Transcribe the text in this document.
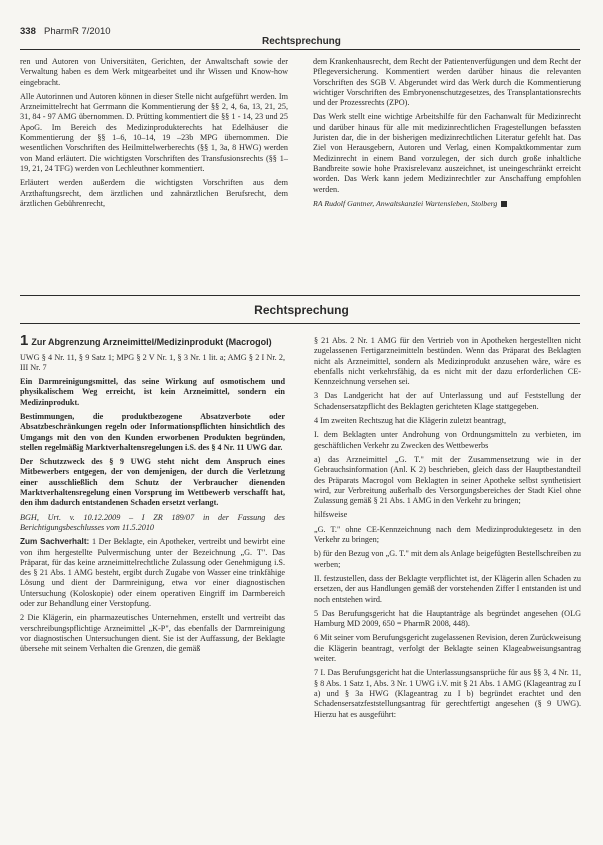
338 PharmR 7/2010
Rechtsprechung

ren und Autoren von Universitäten, Gerichten, der Anwaltschaft sowie der Verwaltung haben es dem Werk mitgearbeitet und ihr Wissen und Know-how eingebracht.

Alle Autorinnen und Autoren können in dieser Stelle nicht aufgeführt werden. Im Arzneimittelrecht hat Gerrmann die Kommentierung der §§ 2, 4, 6a, 13, 21, 25, 31, 84 - 97 AMG übernommen. D. Prütting kommentiert die §§ 1 - 14, 23 und 25 ApoG. Im Bereich des Medizinprodukterechts hat Edelhäuser die Kommentierung der §§ 1–6, 10–14, 19 –23b MPG übernommen. Die wesentlichen Vorschriften des Heilmittelwerberechts (§§ 1, 3a, 8 HWG) werden von Mand erläutert. Die wichtigsten Vorschriften des Transfusionsrechts (§§ 1–19, 21, 24 TFG) werden von Lechleuthner kommentiert.

Erläutert werden außerdem die wichtigsten Vorschriften aus dem Arzthaftungsrecht, dem ärztlichen und zahnärztlichen Berufsrecht, dem ärztlichen Gebührenrecht,

dem Krankenhausrecht, dem Recht der Patientenverfügungen und dem Recht der Pflegeversicherung. Kommentiert werden darüber hinaus die relevanten Vorschriften des SGB V. Abgerundet wird das Werk durch die Kommentierung wichtiger Vorschriften des Embryonenschutzgesetzes, des Transplantationsrechts und der Prozessrechts (ZPO).

Das Werk stellt eine wichtige Arbeitshilfe für den Fachanwalt für Medizinrecht und darüber hinaus für alle mit medizinrechtlichen Fragestellungen befassten Juristen dar, die in der bisherigen medizinrechtlichen Literatur gefehlt hat. Das Ziel von Herausgebern, Autoren und Verlag, einen Kompaktkommentar zum Medizinrecht in einem Band vorzulegen, der sich durch große inhaltliche Bandbreite sowie hohe Praxisrelevanz auszeichnet, ist uneingeschränkt erreicht worden. Das Werk kann jedem Medizinrechtler zur Anschaffung empfohlen werden.

RA Rudolf Gantner, Anwaltskanzlei Wartensleben, Stolberg

Rechtsprechung
1 Zur Abgrenzung Arzneimittel/Medizinprodukt (Macrogol)

UWG § 4 Nr. 11, § 9 Satz 1; MPG § 2 V Nr. 1, § 3 Nr. 1 lit. a; AMG § 2 I Nr. 2, III Nr. 7

Ein Darmreinigungsmittel, das seine Wirkung auf osmotischem und physikalischem Weg erreicht, ist kein Arzneimittel, sondern ein Medizinprodukt.

Bestimmungen, die produktbezogene Absatzverbote oder Absatzbeschränkungen regeln oder Informationspflichten hinsichtlich des Umgangs mit den von den Kunden erworbenen Produkten begründen, stellen regelmäßig Marktverhaltensregelungen i.S. des § 4 Nr. 11 UWG dar.

Der Schutzzweck des § 9 UWG steht nicht dem Anspruch eines Mitbewerbers entgegen, der von demjenigen, der durch die Verletzung einer ausschließlich dem Schutz der Verbraucher dienenden Marktverhaltensregelung einen Vorsprung im Wettbewerb verschafft hat, den ihm dadurch entstandenen Schaden ersetzt verlangt.

BGH, Urt. v. 10.12.2009 – I ZR 189/07 in der Fassung des Berichtigungsbeschlusses vom 11.5.2010

Zum Sachverhalt: 1 Der Beklagte, ein Apotheker, vertreibt und bewirbt eine von ihm hergestellte Pulvermischung unter der Bezeichnung „G. T". Das Präparat, für das keine arzneimittelrechtliche Zulassung oder Genehmigung i.S. des § 21 Abs. 1 AMG besteht, ergibt durch Zugabe von Wasser eine trinkfähige Lösung und dient der Darmreinigung, etwa vor einer diagnostischen Untersuchung (Koloskopie) oder einem operativen Eingriff im Darmbereich oder zur Behandlung einer Verstopfung.

2 Die Klägerin, ein pharmazeutisches Unternehmen, erstellt und vertreibt das verschreibungspflichtige Arzneimittel „K-P", das ebenfalls der Darmreinigung vor diagnostischen Untersuchungen dient. Sie ist der Auffassung, der Beklagte übersehe mit seinem Verhalten die Grenzen, die gemäß

§ 21 Abs. 2 Nr. 1 AMG für den Vertrieb von in Apotheken hergestellten nicht zugelassenen Fertigarzneimitteln bestünden. Wenn das Präparat des Beklagten nicht als Arzneimittel, sondern als Medizinprodukt anzusehen wäre, wäre es ebenfalls nicht verkehrsfähig, da es nicht mit der dazu erforderlichen CE-Kennzeichnung versehen sei.

3 Das Landgericht hat der auf Unterlassung und auf Feststellung der Schadensersatzpflicht des Beklagten gerichteten Klage stattgegeben.

4 Im zweiten Rechtszug hat die Klägerin zuletzt beantragt,

I. dem Beklagten unter Androhung von Ordnungsmitteln zu verbieten, im geschäftlichen Verkehr zu Zwecken des Wettbewerbs

a) das Arzneimittel „G. T." mit der Zusammensetzung wie in der Gebrauchsinformation (Anl. K 2) beschrieben, gleich dass der Hauptbestandteil des Präparats Macrogol vom Beklagten in seiner Apotheke selbst synthetisiert wird, zur Verbreitung außerhalb des Versorgungsbereiches der Stadt Kiel ohne Zulassung gemäß § 21 Abs. 1 AMG in den Verkehr zu bringen;

hilfsweise

„G. T." ohne CE-Kennzeichnung nach dem Medizinproduktegesetz in den Verkehr zu bringen;

b) für den Bezug von „G. T." mit dem als Anlage beigefügten Bestellschreiben zu werben;

II. festzustellen, dass der Beklagte verpflichtet ist, der Klägerin allen Schaden zu ersetzen, der aus Handlungen gemäß der vorstehenden Ziffer I entstanden ist und noch entstehen wird.

5 Das Berufungsgericht hat die Hauptanträge als begründet angesehen (OLG Hamburg MD 2009, 650 = PharmR 2008, 448).

6 Mit seiner vom Berufungsgericht zugelassenen Revision, deren Zurückweisung die Klägerin beantragt, verfolgt der Beklagte seinen Klageabweisungsantrag weiter.

7 I. Das Berufungsgericht hat die Unterlassungsansprüche für aus §§ 3, 4 Nr. 11, § 8 Abs. 1 Satz 1, Abs. 3 Nr. 1 UWG i.V. mit § 21 Abs. 1 AMG (Klageantrag zu I a) und § 3a HWG (Klageantrag zu I b) begründet erachtet und den Schadensersatzfeststellungsantrag für gerechtfertigt angesehen (§ 9 UWG). Hierzu hat es ausgeführt:
